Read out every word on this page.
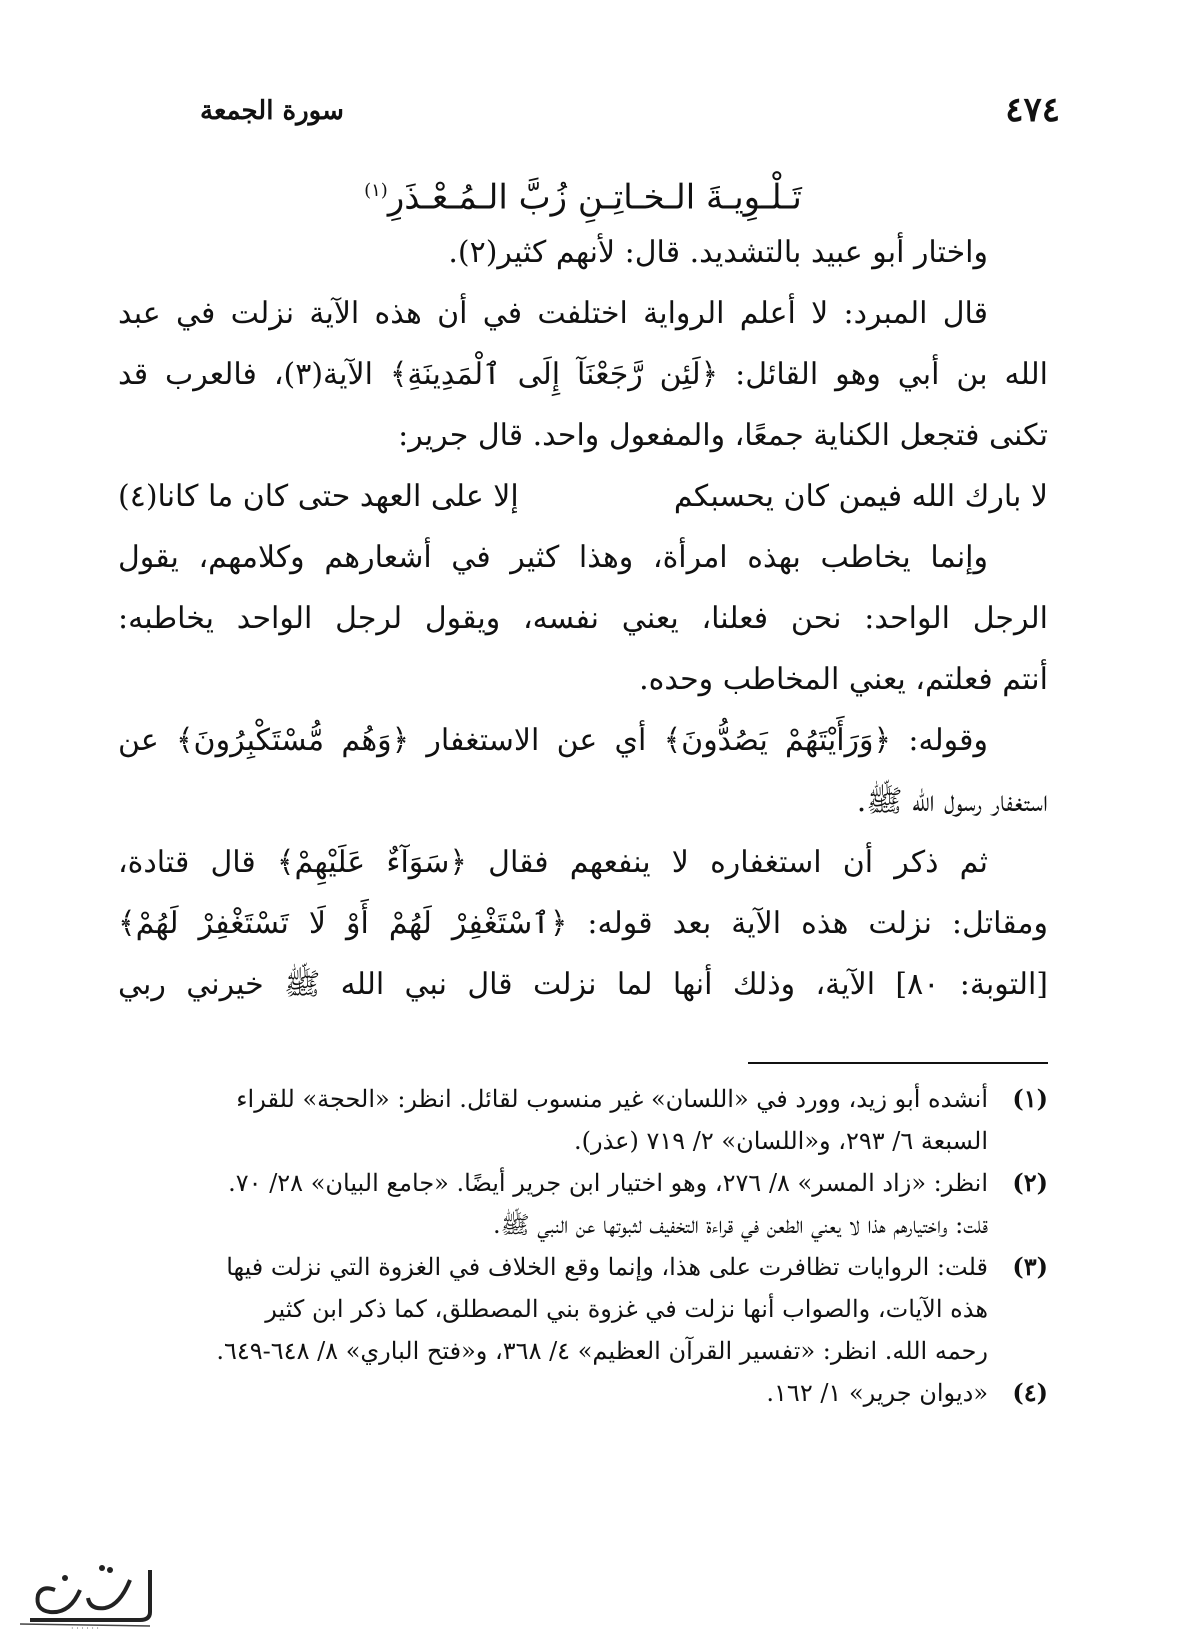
٤٧٤
سورة الجمعة
تَـلْـوِيـةَ الـخـاتِـنِ زُبَّ الـمُـعْـذَرِ$^{(١)}$
واختار أبو عبيد بالتشديد. قال: لأنهم كثير(٢).
قال المبرد: لا أعلم الرواية اختلفت في أن هذه الآية نزلت في عبد
الله بن أبي وهو القائل: ﴿لَئِن رَّجَعْنَآ إِلَى ٱلْمَدِينَةِ﴾ الآية(٣)، فالعرب قد
تكنى فتجعل الكناية جمعًا، والمفعول واحد. قال جرير:
لا بارك الله فيمن كان يحسبكم
إلا على العهد حتى كان ما كانا(٤)
وإنما يخاطب بهذه امرأة، وهذا كثير في أشعارهم وكلامهم، يقول
الرجل الواحد: نحن فعلنا، يعني نفسه، ويقول لرجل الواحد يخاطبه:
أنتم فعلتم، يعني المخاطب وحده.
وقوله: ﴿وَرَأَيْتَهُمْ يَصُدُّونَ﴾ أي عن الاستغفار ﴿وَهُم مُّسْتَكْبِرُونَ﴾ عن
استغفار رسول الله ﷺ.
ثم ذكر أن استغفاره لا ينفعهم فقال ﴿سَوَآءٌ عَلَيْهِمْ﴾ قال قتادة،
ومقاتل: نزلت هذه الآية بعد قوله: ﴿ٱسْتَغْفِرْ لَهُمْ أَوْ لَا تَسْتَغْفِرْ لَهُمْ﴾
[التوبة: ٨٠] الآية، وذلك أنها لما نزلت قال نبي الله ﷺ خيرني ربي
(١)
أنشده أبو زيد، وورد في «اللسان» غير منسوب لقائل. انظر: «الحجة» للقراء
السبعة ٦/ ٢٩٣، و«اللسان» ٢/ ٧١٩ (عذر).
(٢)
انظر: «زاد المسر» ٨/ ٢٧٦، وهو اختيار ابن جرير أيضًا. «جامع البيان» ٢٨/ ٧٠.
قلت: واختيارهم هذا لا يعني الطعن في قراءة التخفيف لثبوتها عن النبي ﷺ.
(٣)
قلت: الروايات تظافرت على هذا، وإنما وقع الخلاف في الغزوة التي نزلت فيها
هذه الآيات، والصواب أنها نزلت في غزوة بني المصطلق، كما ذكر ابن كثير
رحمه الله. انظر: «تفسير القرآن العظيم» ٤/ ٣٦٨، و«فتح الباري» ٨/ ٦٤٨-٦٤٩.
(٤)
«ديوان جرير» ١/ ١٦٢.
· · · · · ·
